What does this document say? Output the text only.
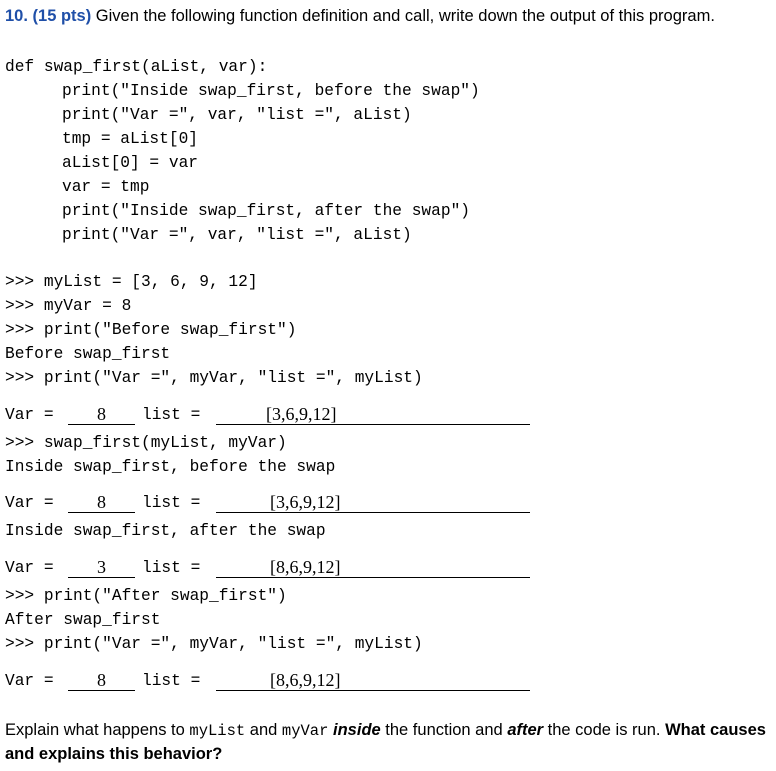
10. (15 pts) Given the following function definition and call, write down the output of this program.
def swap_first(aList, var):
print("Inside swap_first, before the swap")
print("Var =", var, "list =", aList)
tmp = aList[0]
aList[0] = var
var = tmp
print("Inside swap_first, after the swap")
print("Var =", var, "list =", aList)
>>> myList = [3, 6, 9, 12]
>>> myVar = 8
>>> print("Before swap_first")
Before swap_first
>>> print("Var =", myVar, "list =", myList)
Var =	8	list =	[3,6,9,12]
>>> swap_first(myList, myVar)
Inside swap_first, before the swap
Var =	8	list =	[3,6,9,12]
Inside swap_first, after the swap
Var =	3	list =	[8,6,9,12]
>>> print("After swap_first")
After swap_first
>>> print("Var =", myVar, "list =", myList)
Var =	8	list =	[8,6,9,12]
Explain what happens to myList and myVar inside the function and after the code is run. What causes and explains this behavior?
